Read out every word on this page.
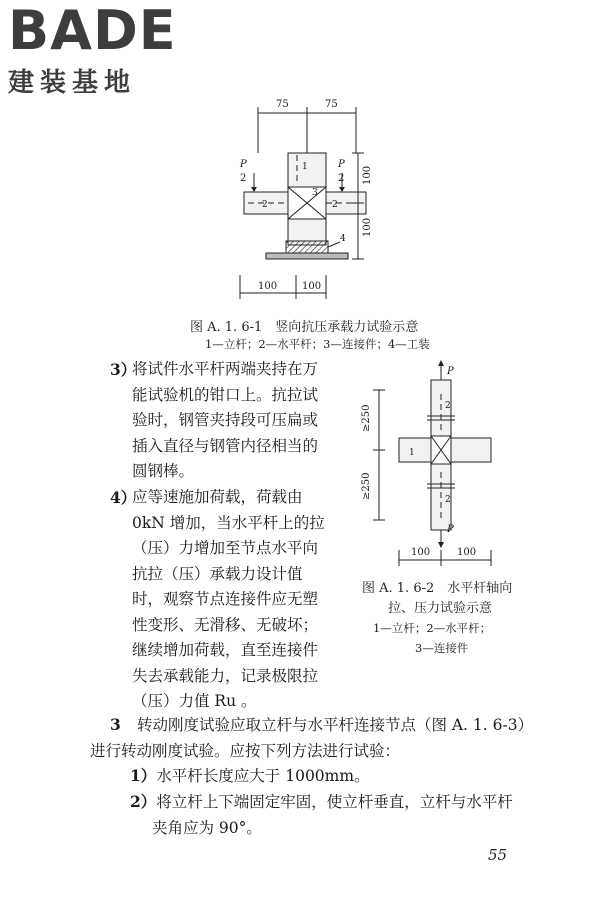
BADE
建装基地
75	75
P
2
P
2
1
2	2
3
4
100
100
100 100
图 A. 1. 6-1　竖向抗压承载力试验示意
1—立杆；2—水平杆；3—连接件；4—工装
P
P
2
2
1
≥250
≥250
100	100
图 A. 1. 6-2　水平杆轴向
拉、压力试验示意
1—立杆；2—水平杆；
3—连接件
3）
将试件水平杆两端夹持在万
能试验机的钳口上。抗拉试
验时，钢管夹持段可压扁或
插入直径与钢管内径相当的
圆钢棒。
4）
应等速施加荷载，荷载由
0kN 增加，当水平杆上的拉
（压）力增加至节点水平向
抗拉（压）承载力设计值
时，观察节点连接件应无塑
性变形、无滑移、无破坏；
继续增加荷载，直至连接件
失去承载能力，记录极限拉
（压）力值 Ru 。
3 转动刚度试验应取立杆与水平杆连接节点（图 A. 1. 6-3）
进行转动刚度试验。应按下列方法进行试验：
1）水平杆长度应大于 1000mm。
2）将立杆上下端固定牢固，使立杆垂直，立杆与水平杆
夹角应为 90°。
55
